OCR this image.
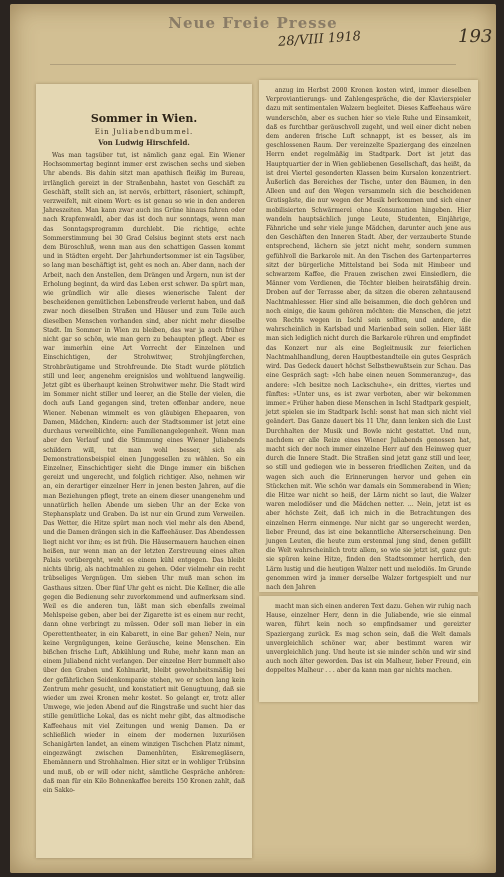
Neue Freie Presse
28/VIII 1918	193
Sommer in Wien.
Ein Juliabendbummel.
Von Ludwig Hirschfeld.

Was man tagsüber tut, ist nämlich ganz egal. Ein Wiener Hochsommertag beginnt immer erst zwischen sechs und sieben Uhr abends. Bis dahin sitzt man apathisch fleißig im Bureau, irrlänglich gereizt in der Straßenbahn, hastet von Geschäft zu Geschäft, stellt sich an, ist nervös, erbittert, räsoniert, schimpft, verzweifelt, mit einem Wort: es ist genau so wie in den anderen Jahreszeiten. Man kann zwar auch ins Grüne hinaus fahren oder nach Krapfenwaldl, aber das ist doch nur sonntags, wenn man das Sonntagsprogramm durchlebt. Die richtige, echte Sommerstimmung bei 30 Grad Celsius beginnt stets erst nach dem Büroschluß, wenn man aus den schattigen Gassen kommt und in Städten ergeht. Der Jahrhundertsommer ist ein Tagsüber, so lang man beschäftigt ist, geht es noch an. Aber dann, nach der Arbeit, nach den Anstellen, dem Drängen und Ärgern, nun ist der Erholung beginnt, da wird das Leben erst schwer. Da spürt man, wie gründlich wir alle dieses wienerische Talent der bescheidenen gemütlichen Lebensfreude verlernt haben, und daß zwar noch dieselben Straßen und Häuser und zum Teile auch dieselben Menschen vorhanden sind, aber nicht mehr dieselbe Stadt. Im Sommer in Wien zu bleiben, das war ja auch früher nicht gar so schön, wie man gern zu behaupten pflegt. Aber es war immerhin eine Art Vorrecht der Einzelnen und Einschichtigen, der Strohwitwer, Strohjüngferchen, Strohbräutigame und Strohfreunde. Die Stadt wurde plötzlich still und leer, angenehm ereignislos und wohltuend langweilig. Jetzt gibt es überhaupt keinen Strohwitwer mehr. Die Stadt wird im Sommer nicht stiller und leerer, an die Stelle der vielen, die doch aufs Land gegangen sind, treten offenbar andere, neue Wiener. Nebenan wimmelt es von gläubigen Ehepaaren, von Damen, Mädchen, Kindern: auch der Stadtsommer ist jetzt eine durchaus verweiblichte, eine Familienangelegenheit. Wenn man aber den Verlauf und die Stimmung eines Wiener Juliabends schildern will, tut man wohl besser, sich als Demonstrationsbeispiel einen Junggesellen zu wählen. So ein Einzelner, Einschichtiger sieht die Dinge immer ein bißchen gereizt und ungerecht, und folglich richtiger. Also, nehmen wir an, ein derartiger einzelner Herr in jenen besten Jahren, auf die man Beziehungen pflegt, trete an einem dieser unangenehm und unnatürlich hellen Abende um sieben Uhr an der Ecke von Stephansplatz und Graben. Da ist nur ein Grund zum Verweilen. Das Wetter, die Hitze spürt man noch viel mehr als den Abend, und die Damen drängen sich in die Kaffeehäuser. Das Abendessen liegt nicht vor ihm; es ist früh. Die Häusermauern hauchen einen heißen, nur wenn man an der letzten Zerstreuung eines alten Palais vorübergeht, weht es einem kühl entgegen. Das bleibt nichts übrig, als nachtmahlen zu gehen. Oder vielmehr ein recht trübseliges Vergnügen. Um sieben Uhr muß man schon im Gasthaus sitzen. Über fünf Uhr geht es nicht. Die Kellner, die alle gegen die Bedienung sehr zuvorkommend und aufmerksam sind. Weil es die anderen tun, läßt man sich ebenfalls zweimal Mehlspeise geben, aber bei der Zigarette ist es einem nur recht, dann ohne verbringt zu müssen. Oder soll man lieber in ein Operettentheater, in ein Kabarett, in eine Bar gehen? Nein, nur keine Vergnügungen, keine Geräusche, keine Menschen. Ein bißchen frische Luft, Abkühlung und Ruhe, mehr kann man an einem Juliabend nicht verlangen. Der einzelne Herr bummelt also über den Graben und Kohlmarkt, bleibt gewohnheitsmäßig bei der gefährlichen Seidenkompanie stehen, wo er schon lang kein Zentrum mehr gesucht, und konstatiert mit Genugtuung, daß sie wieder um zwei Kronen mehr kostet. So gelangt er, trotz aller Umwege, wie jeden Abend auf die Ringstraße und sucht hier das stille gemütliche Lokal, das es nicht mehr gibt, das altmodische Kaffeehaus mit viel Zeitungen und wenig Damen. Da er schließlich wieder in einem der modernen luxuriösen Schanigärten landet, an einem winzigen Tischchen Platz nimmt, eingezwängt zwischen Damenhüten, Eiskremegläsern, Ehemännern und Strohhalmen. Hier sitzt er in wohliger Trübsinn und muß, ob er will oder nicht, sämtliche Gespräche anhören: daß man für ein Kilo Bohnenkaffee bereits 150 Kronen zahlt, daß ein Sakko-

anzug im Herbst 2000 Kronen kosten wird, immer dieselben Verproviantierungs- und Zahlengespräche, die der Klavierspieler dazu mit sentimentalen Walzern begleitet. Dieses Kaffeehaus wäre wunderschön, aber es suchen hier so viele Ruhe und Einsamkeit, daß es furchtbar geräuschvoll zugeht, und weil einer dicht neben dem anderen frische Luft schnappt, ist es besser, als im geschlossenen Raum. Der vereinzelte Spaziergang des einzelnen Herrn endet regelmäßig im Stadtpark. Dort ist jetzt das Hauptquartier der in Wien gebliebenen Gesellschaft, das heißt, da ist drei Viertel gesonderten Klassen beim Kursalon konzentriert. Äußerlich das Bereiches der Tische, unter den Bäumen, in den Alleen und auf den Wegen versammeln sich die bescheidenen Gratisgäste, die nur wegen der Musik herkommen und sich einer mobilisierten Schwärmerei ohne Konsumation hingeben. Hier wandeln hauptsächlich junge Leute, Studenten, Einjährige, Fähnriche und sehr viele junge Mädchen, darunter auch jene aus den Geschäften den Inneren Stadt. Aber, der verzauberte Stunde entsprechend, lächern sie jetzt nicht mehr, sondern summen gefühlvoll die Barkarole mit. An den Tischen des Gartenparterres sitzt der bürgerliche Mittelstand bei Soda mit Himbeer und schwarzem Kaffee, die Frauen zwischen zwei Einsiedlern, die Männer vom Verdienen, die Töchter bleiben heiratsfähig drein. Droben auf der Terrasse aber, da sitzen die oberen zehntausend Nachtmahlesser. Hier sind alle beisammen, die doch gehören und noch einige, die kaum gehören möchten: die Menschen, die jetzt von Rechts wegen in Ischl sein sollten, und andere, die wahrscheinlich in Karlsbad und Marienbad sein sollen. Hier läßt man sich lediglich nicht durch die Barkarole rühren und empfindet das Konzert nur als eine Begleitmusik zur feierlichen Nachtmahlhandlung, deren Hauptbestandteile ein gutes Gespräch wird. Das Gedeck dauert höchst Selbstbewußtsein zur Schau. Das eine Gespräch sagt: »Ich habe einen neuen Sommeranzug«, das andere: »Ich besitze noch Lackschuhe«, ein drittes, viertes und fünftes: »Unter uns, es ist zwar verboten, aber wir bekommen immer.« Früher haben diese Menschen in Ischl Stadtpark gespielt, jetzt spielen sie im Stadtpark Ischl: sonst hat man sich nicht viel geändert. Das Ganze dauert bis 11 Uhr, dann lenken sich die Lust Durchhalten der Musik und Bowle nicht gestattet. Und nun, nachdem er alle Reize eines Wiener Juliabends genossen hat, macht sich der noch immer einzelne Herr auf den Heimweg quer durch die Innere Stadt. Die Straßen sind jetzt ganz still und leer, so still und gediegen wie in besseren friedlichen Zeiten, und da wagen sich auch die Erinnerungen hervor und gehen ein Stückchen mit. Wie schön war damals ein Sommerabend in Wien; die Hitze war nicht so heiß, der Lärm nicht so laut, die Walzer waren melodiöser und die Mädchen netter. … Nein, jetzt ist es aber höchste Zeit, daß ich mich in die Betrachtungen des einzelnen Herrn einmenge. Nur nicht gar so ungerecht werden, lieber Freund, das ist eine bekanntliche Alterserscheinung. Den jungen Leuten, die heute zum erstenmal jung sind, denen gefällt die Welt wahrscheinlich trotz allem, so wie sie jetzt ist, ganz gut: sie spüren keine Hitze, finden den Stadtsommer herrlich, den Lärm lustig und die heutigen Walzer nett und melodiös. Im Grunde genommen wird ja immer derselbe Walzer fortgespielt und nur nach den Jahren

macht man sich einen anderen Text dazu. Gehen wir ruhig nach Hause, einzelner Herr, denn in die Juliabende, wie sie einmal waren, führt kein noch so empfindsamer und gereizter Spaziergang zurück. Es mag schon sein, daß die Welt damals unvergleichlich schöner war, aber bestimmt waren wir unvergleichlich jung. Und heute ist sie minder schön und wir sind auch noch älter geworden. Das ist ein Malheur, lieber Freund, ein doppeltes Malheur . . . aber da kann man gar nichts machen.
